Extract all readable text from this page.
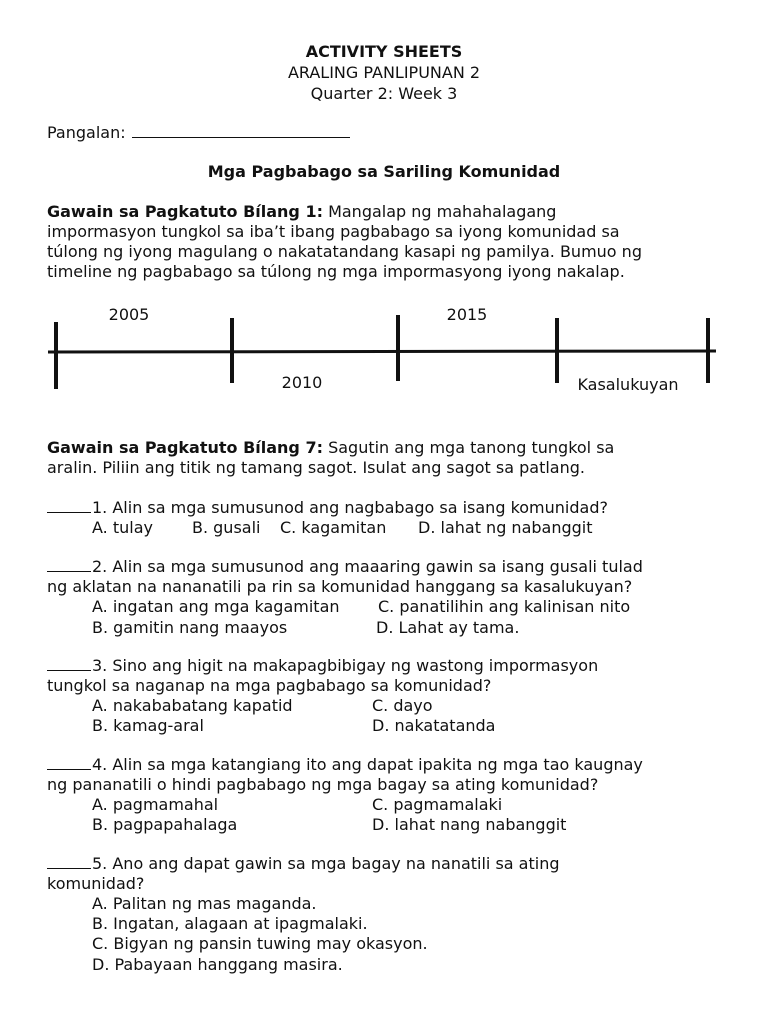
ACTIVITY SHEETS
ARALING PANLIPUNAN 2
Quarter 2: Week 3
Pangalan:
Mga Pagbabago sa Sariling Komunidad
Gawain sa Pagkatuto Bílang 1: Mangalap ng mahahalagang
impormasyon tungkol sa iba’t ibang pagbabago sa iyong komunidad sa
túlong ng iyong magulang o nakatatandang kasapi ng pamilya. Bumuo ng
timeline ng pagbabago sa túlong ng mga impormasyong iyong nakalap.
2005	2015
2010	Kasalukuyan
Gawain sa Pagkatuto Bílang 7: Sagutin ang mga tanong tungkol sa
aralin. Piliin ang titik ng tamang sagot. Isulat ang sagot sa patlang.
1. Alin sa mga sumusunod ang nagbabago sa isang komunidad?
A. tulay B. gusali C. kagamitan D. lahat ng nabanggit
2. Alin sa mga sumusunod ang maaaring gawin sa isang gusali tulad
ng aklatan na nananatili pa rin sa komunidad hanggang sa kasalukuyan?
A. ingatan ang mga kagamitan C. panatilihin ang kalinisan nito
B. gamitin nang maayos	D. Lahat ay tama.
3. Sino ang higit na makapagbibigay ng wastong impormasyon
tungkol sa naganap na mga pagbabago sa komunidad?
A. nakababatang kapatid	C. dayo
B. kamag-aral	D. nakatatanda
4. Alin sa mga katangiang ito ang dapat ipakita ng mga tao kaugnay
ng pananatili o hindi pagbabago ng mga bagay sa ating komunidad?
A. pagmamahal	C. pagmamalaki
B. pagpapahalaga	D. lahat nang nabanggit
5. Ano ang dapat gawin sa mga bagay na nanatili sa ating
komunidad?
A. Palitan ng mas maganda.
B. Ingatan, alagaan at ipagmalaki.
C. Bigyan ng pansin tuwing may okasyon.
D. Pabayaan hanggang masira.
